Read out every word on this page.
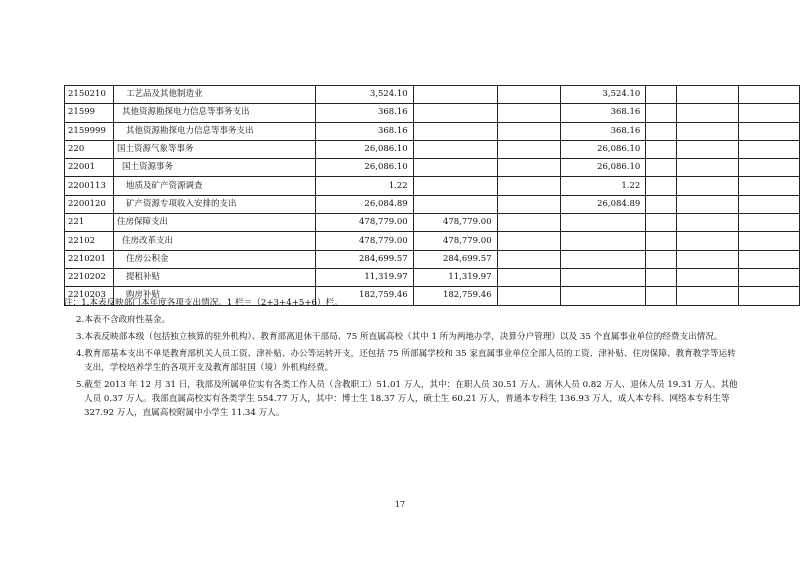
2150210	工艺品及其他制造业	3,524.10			3,524.10			
21599	其他资源勘探电力信息等事务支出	368.16			368.16			
2159999	其他资源勘探电力信息等事务支出	368.16			368.16			
220	国土资源气象等事务	26,086.10			26,086.10			
22001	国土资源事务	26,086.10			26,086.10			
2200113	地质及矿产资源调查	1.22			1.22			
2200120	矿产资源专项收入安排的支出	26,084.89			26,084.89			
221	住房保障支出	478,779.00	478,779.00					
22102	住房改革支出	478,779.00	478,779.00					
2210201	住房公积金	284,699.57	284,699.57					
2210202	提租补贴	11,319.97	11,319.97					
2210203	购房补贴	182,759.46	182,759.46					
注：1.本表反映部门本年度各项支出情况。1 栏＝（2+3+4+5+6）栏。
2.本表不含政府性基金。
3.本表反映部本级（包括独立核算的驻外机构）、教育部离退休干部局、75 所直属高校（其中 1 所为两地办学，决算分户管理）以及 35 个直属事业单位的经费支出情况。
4.教育部基本支出不单是教育部机关人员工资、津补贴、办公等运转开支，还包括 75 所部属学校和 35 家直属事业单位全部人员的工资、津补贴、住房保障、教育教学等运转支出，学校培养学生的各项开支及教育部驻国（境）外机构经费。
5.截至 2013 年 12 月 31 日，我部及所属单位实有各类工作人员（含教职工）51.01 万人，其中：在职人员 30.51 万人、离休人员 0.82 万人、退休人员 19.31 万人、其他人员 0.37 万人。我部直属高校实有各类学生 554.77 万人，其中：博士生 18.37 万人，硕士生 60.21 万人，普通本专科生 136.93 万人，成人本专科、网络本专科生等 327.92 万人，直属高校附属中小学生 11.34 万人。
17
